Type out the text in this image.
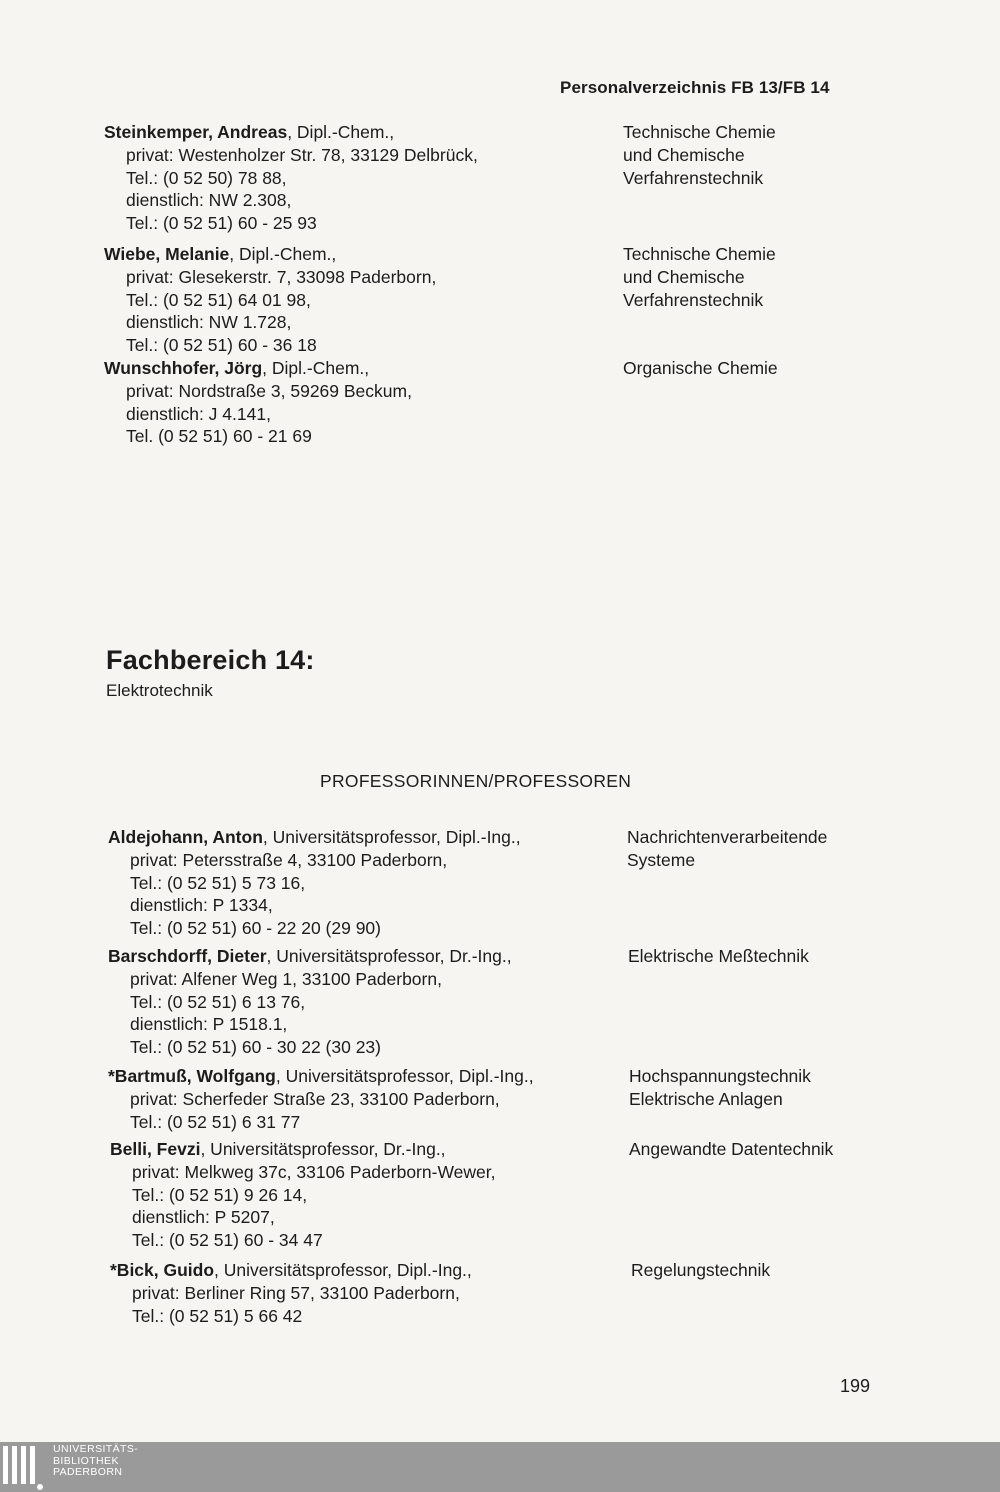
Personalverzeichnis FB 13/FB 14
Steinkemper, Andreas, Dipl.-Chem.,
privat: Westenholzer Str. 78, 33129 Delbrück,
Tel.: (0 52 50) 78 88,
dienstlich: NW 2.308,
Tel.: (0 52 51) 60 - 25 93
Technische Chemie
und Chemische
Verfahrenstechnik
Wiebe, Melanie, Dipl.-Chem.,
privat: Glesekerstr. 7, 33098 Paderborn,
Tel.: (0 52 51) 64 01 98,
dienstlich: NW 1.728,
Tel.: (0 52 51) 60 - 36 18
Technische Chemie
und Chemische
Verfahrenstechnik
Wunschhofer, Jörg, Dipl.-Chem.,
privat: Nordstraße 3, 59269 Beckum,
dienstlich: J 4.141,
Tel. (0 52 51) 60 - 21 69
Organische Chemie
Fachbereich 14:
Elektrotechnik
PROFESSORINNEN/PROFESSOREN
Aldejohann, Anton, Universitätsprofessor, Dipl.-Ing.,
privat: Petersstraße 4, 33100 Paderborn,
Tel.: (0 52 51) 5 73 16,
dienstlich: P 1334,
Tel.: (0 52 51) 60 - 22 20 (29 90)
Nachrichtenverarbeitende
Systeme
Barschdorff, Dieter, Universitätsprofessor, Dr.-Ing.,
privat: Alfener Weg 1, 33100 Paderborn,
Tel.: (0 52 51) 6 13 76,
dienstlich: P 1518.1,
Tel.: (0 52 51) 60 - 30 22 (30 23)
Elektrische Meßtechnik
*Bartmuß, Wolfgang, Universitätsprofessor, Dipl.-Ing.,
privat: Scherfeder Straße 23, 33100 Paderborn,
Tel.: (0 52 51) 6 31 77
Hochspannungstechnik
Elektrische Anlagen
Belli, Fevzi, Universitätsprofessor, Dr.-Ing.,
privat: Melkweg 37c, 33106 Paderborn-Wewer,
Tel.: (0 52 51) 9 26 14,
dienstlich: P 5207,
Tel.: (0 52 51) 60 - 34 47
Angewandte Datentechnik
*Bick, Guido, Universitätsprofessor, Dipl.-Ing.,
privat: Berliner Ring 57, 33100 Paderborn,
Tel.: (0 52 51) 5 66 42
Regelungstechnik
199
UNIVERSITÄTS-
BIBLIOTHEK
PADERBORN
